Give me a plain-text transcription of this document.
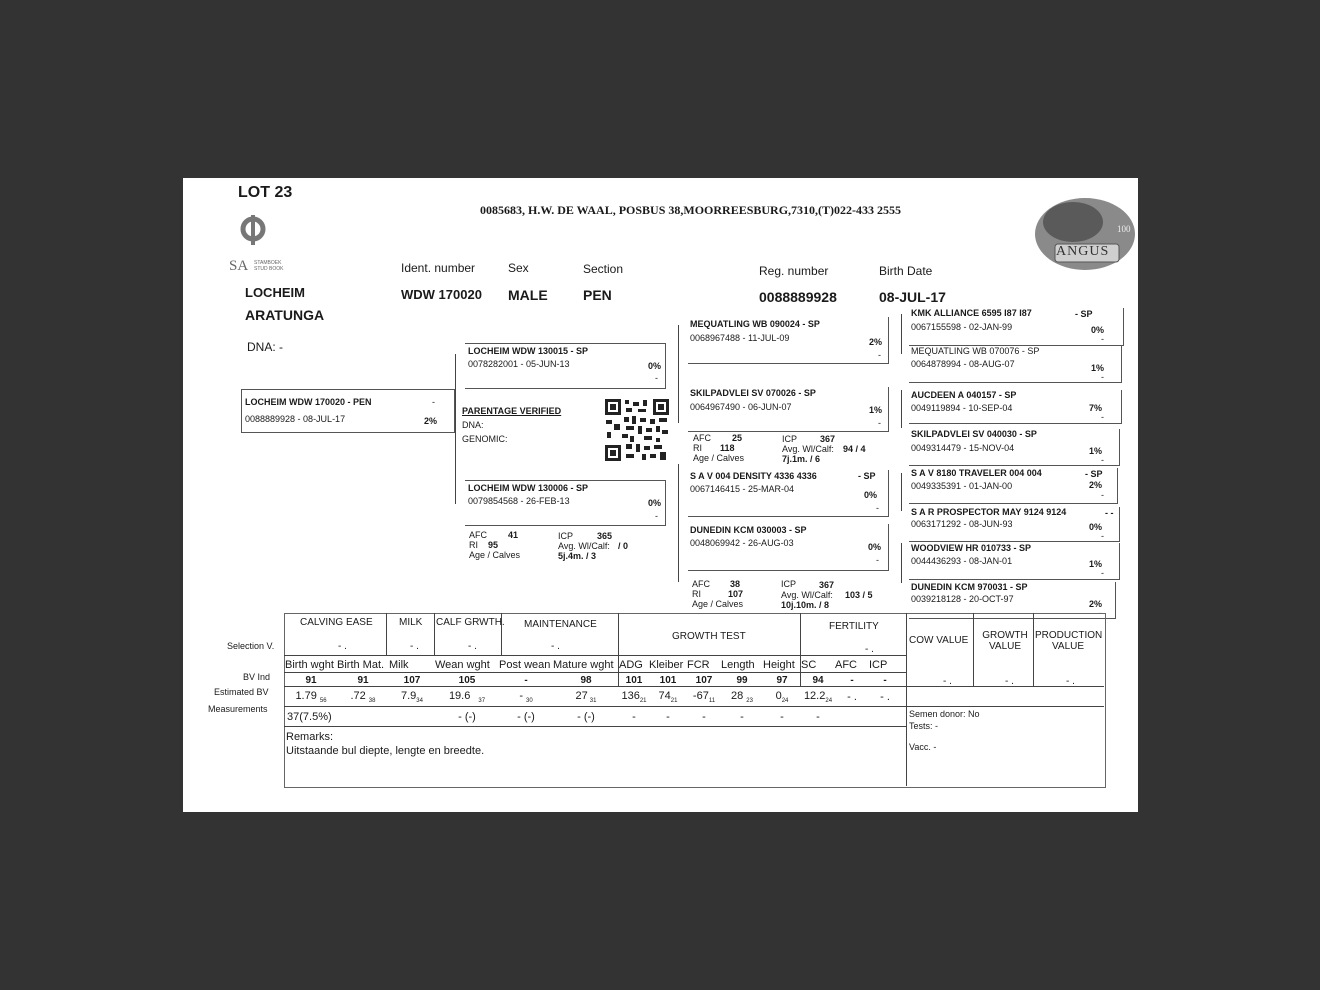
LOT 23
0085683, H.W. DE WAAL, POSBUS 38,MOORREESBURG,7310,(T)022-433 2555
SA STAMBOEK
STUD BOOK
100
ANGUS
Ident. number	Sex	Section	Reg. number	Birth Date
LOCHEIM
ARATUNGA
DNA: -
WDW 170020 MALE	PEN	0088889928	08-JUL-17
LOCHEIM WDW 170020 - PEN	-
0088889928 - 08-JUL-17	2%
PARENTAGE VERIFIED
DNA:
GENOMIC:
LOCHEIM WDW 130015 - SP
0078282001 - 05-JUN-13	0%
-
LOCHEIM WDW 130006 - SP
0079854568 - 26-FEB-13	0%
-
AFC 41
RI 95
Age / Calves
ICP	365
Avg. Wl/Calf: / 0
5j.4m. / 3
MEQUATLING WB 090024 - SP
0068967488 - 11-JUL-09	2%
-
SKILPADVLEI SV 070026 - SP
0064967490 - 06-JUN-07	1%
-
AFC 25
RI 118
Age / Calves
ICP	367
Avg. Wl/Calf: 94 / 4
7j.1m. / 6
S A V 004 DENSITY 4336 4336	- SP
0067146415 - 25-MAR-04
0%
-
DUNEDIN KCM 030003 - SP
0048069942 - 26-AUG-03	0%
-
AFC 38
RI	107
Age / Calves
ICP	367
Avg. Wl/Calf: 103 / 5
10j.10m. / 8
KMK ALLIANCE 6595 I87 I87	- SP
0067155598 - 02-JAN-99	0%
-
MEQUATLING WB 070076 - SP
0064878994 - 08-AUG-07	1%
-
AUCDEEN A 040157 - SP
0049119894 - 10-SEP-04	7%
-
SKILPADVLEI SV 040030 - SP
0049314479 - 15-NOV-04	1%
-
S A V 8180 TRAVELER 004 004	- SP
0049335391 - 01-JAN-00	2%
-
S A R PROSPECTOR MAY 9124 9124	- -
0063171292 - 08-JUN-93	0%
-
WOODVIEW HR 010733 - SP
0044436293 - 08-JAN-01	1%
-
DUNEDIN KCM 970031 - SP
0039218128 - 20-OCT-97	2%
-
CALVING EASE	MILK CALF GRWTH. MAINTENANCE
GROWTH TEST
FERTILITY
- .	- .	- .	- .	- .
COW VALUE GROWTH VALUE
PRODUCTION VALUE
- .	- .	- .
Selection V.
BV Ind
Estimated BV
Measurements
Birth wght	Birth Mat.	Milk	Wean wght	Post wean	Mature wght	ADG	Kleiber	FCR	Length	Height	SC	AFC	ICP
91	91	107	105	-	98	101	101	107	99	97	94	-	-
1.79 $_{56}$	.72 $_{38}$	$7.9_{34}$	19.6 $_{37}$	- $_{30}$	27 $_{31}$	$136_{21}$	$74_{21}$	$-67_{11}$	28 $_{23}$	$0_{24}$	$12.2_{24}$	- .	- .
37(7.5%)			- (-)	- (-)	- (-)	-	-	-	-	-	-		
Remarks:
Uitstaande bul diepte, lengte en breedte.
Semen donor: No
Tests: -
Vacc. -
